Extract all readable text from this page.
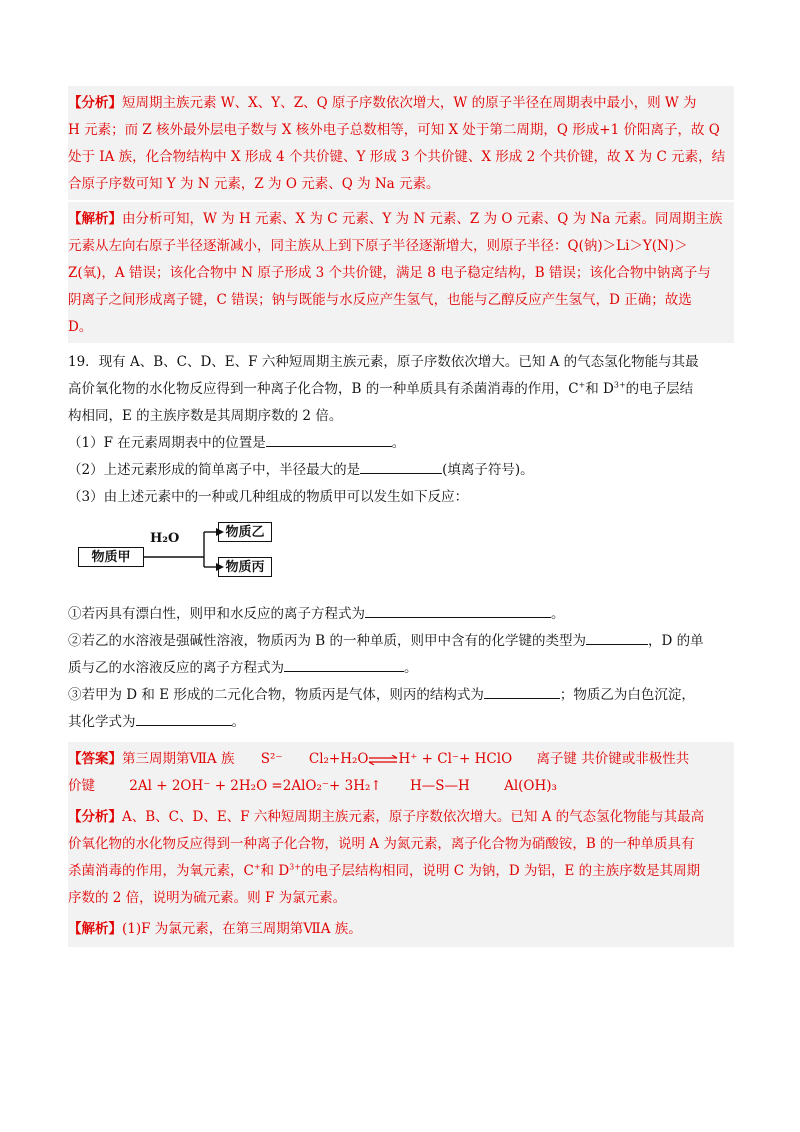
【分析】短周期主族元素 W、X、Y、Z、Q 原子序数依次增大，W 的原子半径在周期表中最小，则 W 为

H 元素；而 Z 核外最外层电子数与 X 核外电子总数相等，可知 X 处于第二周期，Q 形成+1 价阳离子，故 Q

处于 IA 族，化合物结构中 X 形成 4 个共价键、Y 形成 3 个共价键、X 形成 2 个共价键，故 X 为 C 元素，结

合原子序数可知 Y 为 N 元素，Z 为 O 元素、Q 为 Na 元素。

【解析】由分析可知，W 为 H 元素、X 为 C 元素、Y 为 N 元素、Z 为 O 元素、Q 为 Na 元素。同周期主族

元素从左向右原子半径逐渐减小，同主族从上到下原子半径逐渐增大，则原子半径：Q(钠)＞Li＞Y(N)＞

Z(氧)，A 错误；该化合物中 N 原子形成 3 个共价键，满足 8 电子稳定结构，B 错误；该化合物中钠离子与

阴离子之间形成离子键，C 错误；钠与既能与水反应产生氢气，也能与乙醇反应产生氢气，D 正确；故选

D。

19．现有 A、B、C、D、E、F 六种短周期主族元素，原子序数依次增大。已知 A 的气态氢化物能与其最

高价氧化物的水化物反应得到一种离子化合物，B 的一种单质具有杀菌消毒的作用，C+和 $D^{3+}$的电子层结

构相同，E 的主族序数是其周期序数的 2 倍。

（1）F 在元素周期表中的位置是	。

（2）上述元素形成的简单离子中，半径最大的是	(填离子符号)。

（3）由上述元素中的一种或几种组成的物质甲可以发生如下反应：

物质甲
H₂O	物质乙
物质丙

①若丙具有漂白性，则甲和水反应的离子方程式为	。

②若乙的水溶液是强碱性溶液，物质丙为 B 的一种单质，则甲中含有的化学键的类型为	，D 的单

质与乙的水溶液反应的离子方程式为	。

③若甲为 D 和 E 形成的二元化合物，物质丙是气体，则丙的结构式为	；物质乙为白色沉淀，

其化学式为	。

【答案】第三周期第ⅦA 族 S²⁻ Cl₂+H₂O⇌H⁺ + Cl⁻+ HClO 离子键 共价键或非极性共

价键	2Al + 2OH⁻ + 2H₂O =2AlO₂⁻+ 3H₂↑ H—S—H	Al(OH)₃

【分析】A、B、C、D、E、F 六种短周期主族元素，原子序数依次增大。已知 A 的气态氢化物能与其最高

价氧化物的水化物反应得到一种离子化合物，说明 A 为氮元素，离子化合物为硝酸铵，B 的一种单质具有

杀菌消毒的作用，为氧元素，C+和 $D^{3+}$的电子层结构相同，说明 C 为钠，D 为铝，E 的主族序数是其周期

序数的 2 倍，说明为硫元素。则 F 为氯元素。

【解析】(1)F 为氯元素，在第三周期第ⅦA 族。
